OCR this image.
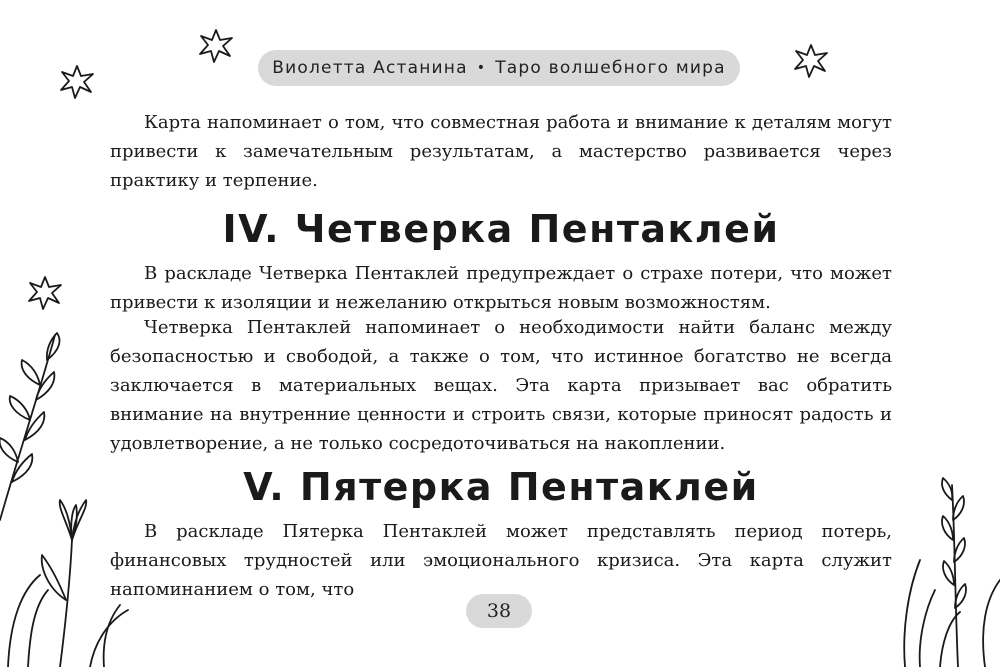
Виолетта Астанина • Таро волшебного мира

Карта напоминает о том, что совместная работа и внимание к деталям могут привести к замечательным результатам, а мастерство развивается через практику и терпение.

IV. Четверка Пентаклей

В раскладе Четверка Пентаклей предупреждает о страхе потери, что может привести к изоляции и нежеланию открыться новым возможностям.

Четверка Пентаклей напоминает о необходимости найти баланс между безопасностью и свободой, а также о том, что истинное богатство не всегда заключается в материальных вещах. Эта карта призывает вас обратить внимание на внутренние ценности и строить связи, которые приносят радость и удовлетворение, а не только сосредоточиваться на накоплении.

V. Пятерка Пентаклей

В раскладе Пятерка Пентаклей может представлять период потерь, финансовых трудностей или эмоционального кризиса. Эта карта служит напоминанием о том, что

38
